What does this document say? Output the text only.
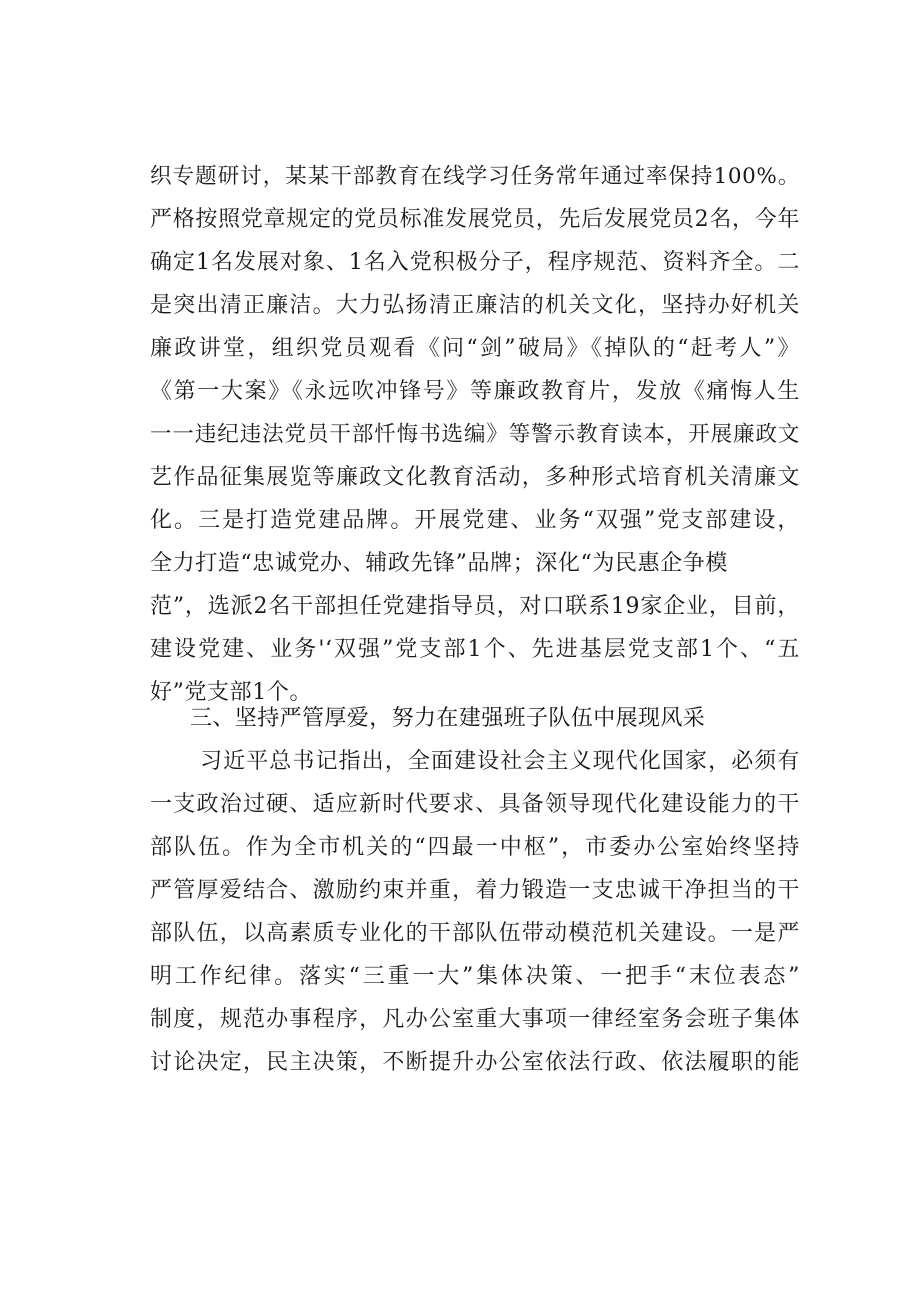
织专题研讨，某某干部教育在线学习任务常年通过率保持100%。
严格按照党章规定的党员标准发展党员，先后发展党员2名，今年
确定1名发展对象、1名入党积极分子，程序规范、资料齐全。二
是突出清正廉洁。大力弘扬清正廉洁的机关文化，坚持办好机关
廉政讲堂，组织党员观看《问“剑”破局》《掉队的“赶考人”》
《第一大案》《永远吹冲锋号》等廉政教育片，发放《痛悔人生
一一违纪违法党员干部忏悔书选编》等警示教育读本，开展廉政文
艺作品征集展览等廉政文化教育活动，多种形式培育机关清廉文
化。三是打造党建品牌。开展党建、业务“双强”党支部建设，
全力打造“忠诚党办、辅政先锋”品牌；深化“为民惠企争模
范”，选派2名干部担任党建指导员，对口联系19家企业，目前，
建设党建、业务'‘双强”党支部1个、先进基层党支部1个、“五
好”党支部1个。
三、坚持严管厚爱，努力在建强班子队伍中展现风采
习近平总书记指出，全面建设社会主义现代化国家，必须有
一支政治过硬、适应新时代要求、具备领导现代化建设能力的干
部队伍。作为全市机关的“四最一中枢”，市委办公室始终坚持
严管厚爱结合、激励约束并重，着力锻造一支忠诚干净担当的干
部队伍，以高素质专业化的干部队伍带动模范机关建设。一是严
明工作纪律。落实“三重一大”集体决策、一把手“末位表态”
制度，规范办事程序，凡办公室重大事项一律经室务会班子集体
讨论决定，民主决策，不断提升办公室依法行政、依法履职的能
